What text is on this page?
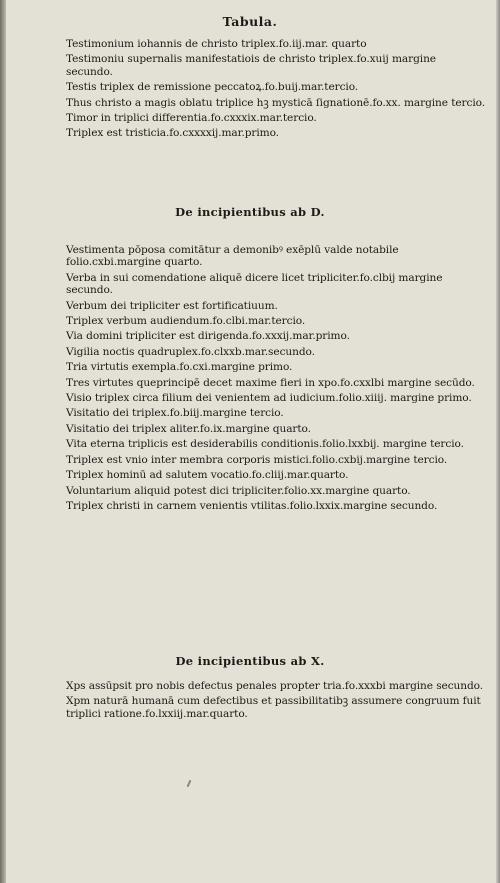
Tabula.

Testimonium iohannis de christo triplex.fo.iij.mar. quarto

Testimoniu supernalis manifestatiois de christo triplex.fo.xuij margine secundo.

Testis triplex de remissione peccatoꝝ.fo.buij.mar.tercio.

Thus christo a magis oblatu triplice hꝫ mysticā ſignationē.fo.xx. margine tercio.

Timor in triplici differentia.fo.cxxxix.mar.tercio.

Triplex est tristicia.fo.cxxxxij.mar.primo.

De incipientibus ab D.

Vestimenta pōposa comitātur a demonibꝰ exēplū valde notabile folio.cxbi.margine quarto.

Verba in sui comendatione aliquē dicere licet tripliciter.fo.clbij margine secundo.

Verbum dei tripliciter est fortificatiuum.

Triplex verbum audiendum.fo.clbi.mar.tercio.

Via domini tripliciter est dirigenda.fo.xxxij.mar.primo.

Vigilia noctis quadruplex.fo.clxxb.mar.secundo.

Tria virtutis exempla.fo.cxi.margine primo.

Tres virtutes queprincipē decet maxime fieri in xpo.fo.cxxlbi margine secūdo.

Visio triplex circa filium dei venientem ad iudicium.folio.xiiij. margine primo.

Visitatio dei triplex.fo.biij.margine tercio.

Visitatio dei triplex aliter.fo.ix.margine quarto.

Vita eterna triplicis est desiderabilis conditionis.folio.lxxbij. margine tercio.

Triplex est vnio inter membra corporis mistici.folio.cxbij.margine tercio.

Triplex hominū ad salutem vocatio.fo.cliij.mar.quarto.

Voluntarium aliquid potest dici tripliciter.folio.xx.margine quarto.

Triplex christi in carnem venientis vtilitas.folio.lxxix.margine secundo.

De incipientibus ab X.

Xps assūpsit pro nobis defectus penales propter tria.fo.xxxbi margine secundo.

Xpm naturā humanā cum defectibus et passibilitatibꝫ assumere congruum fuit triplici ratione.fo.lxxiij.mar.quarto.
